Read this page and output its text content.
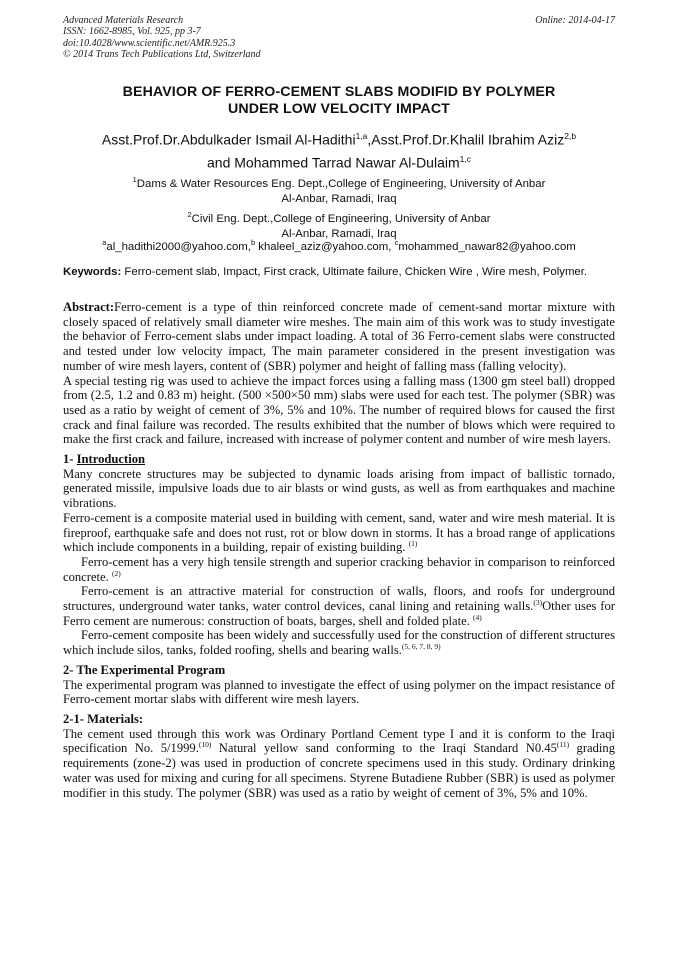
Advanced Materials Research
ISSN: 1662-8985, Vol. 925, pp 3-7
doi:10.4028/www.scientific.net/AMR.925.3
© 2014 Trans Tech Publications Ltd, Switzerland
Online: 2014-04-17
BEHAVIOR OF FERRO-CEMENT SLABS MODIFID BY POLYMER
UNDER LOW VELOCITY IMPACT
Asst.Prof.Dr.Abdulkader Ismail Al-Hadithi$^{1,a}$,Asst.Prof.Dr.Khalil Ibrahim Aziz$^{2,b}$
and Mohammed Tarrad Nawar Al-Dulaim$^{1,c}$
$^1$Dams & Water Resources Eng. Dept.,College of Engineering, University of Anbar
Al-Anbar, Ramadi, Iraq
$^2$Civil Eng. Dept.,College of Engineering, University of Anbar
Al-Anbar, Ramadi, Iraq
$^a$al_hadithi2000@yahoo.com,$^b$ khaleel_aziz@yahoo.com, $^c$mohammed_nawar82@yahoo.com
Keywords: Ferro-cement slab, Impact, First crack, Ultimate failure, Chicken Wire , Wire mesh, Polymer.

Abstract:Ferro-cement is a type of thin reinforced concrete made of cement-sand mortar mixture with closely spaced of relatively small diameter wire meshes. The main aim of this work was to study investigate the behavior of Ferro-cement slabs under impact loading. A total of 36 Ferro-cement slabs were constructed and tested under low velocity impact, The main parameter considered in the present investigation was number of wire mesh layers, content of (SBR) polymer and height of falling mass (falling velocity).

A special testing rig was used to achieve the impact forces using a falling mass (1300 gm steel ball) dropped from (2.5, 1.2 and 0.83 m) height. (500 ×500×50 mm) slabs were used for each test. The polymer (SBR) was used as a ratio by weight of cement of 3%, 5% and 10%. The number of required blows for caused the first crack and final failure was recorded. The results exhibited that the number of blows which were required to make the first crack and failure, increased with increase of polymer content and number of wire mesh layers.

1- Introduction

Many concrete structures may be subjected to dynamic loads arising from impact of ballistic tornado, generated missile, impulsive loads due to air blasts or wind gusts, as well as from earthquakes and machine vibrations.

Ferro-cement is a composite material used in building with cement, sand, water and wire mesh material. It is fireproof, earthquake safe and does not rust, rot or blow down in storms. It has a broad range of applications which include components in a building, repair of existing building. $^{(1)}$

Ferro-cement has a very high tensile strength and superior cracking behavior in comparison to reinforced concrete. $^{(2)}$

Ferro-cement is an attractive material for construction of walls, floors, and roofs for underground structures, underground water tanks, water control devices, canal lining and retaining walls.$^{(3)}$Other uses for Ferro cement are numerous: construction of boats, barges, shell and folded plate. $^{(4)}$

Ferro-cement composite has been widely and successfully used for the construction of different structures which include silos, tanks, folded roofing, shells and bearing walls.$^{(5, 6, 7, 8, 9)}$

2- The Experimental Program

The experimental program was planned to investigate the effect of using polymer on the impact resistance of Ferro-cement mortar slabs with different wire mesh layers.

2-1- Materials:

The cement used through this work was Ordinary Portland Cement type I and it is conform to the Iraqi specification No. 5/1999.$^{(10)}$ Natural yellow sand conforming to the Iraqi Standard N0.45$^{(11)}$ grading requirements (zone-2) was used in production of concrete specimens used in this study. Ordinary drinking water was used for mixing and curing for all specimens. Styrene Butadiene Rubber (SBR) is used as polymer modifier in this study. The polymer (SBR) was used as a ratio by weight of cement of 3%, 5% and 10%.
